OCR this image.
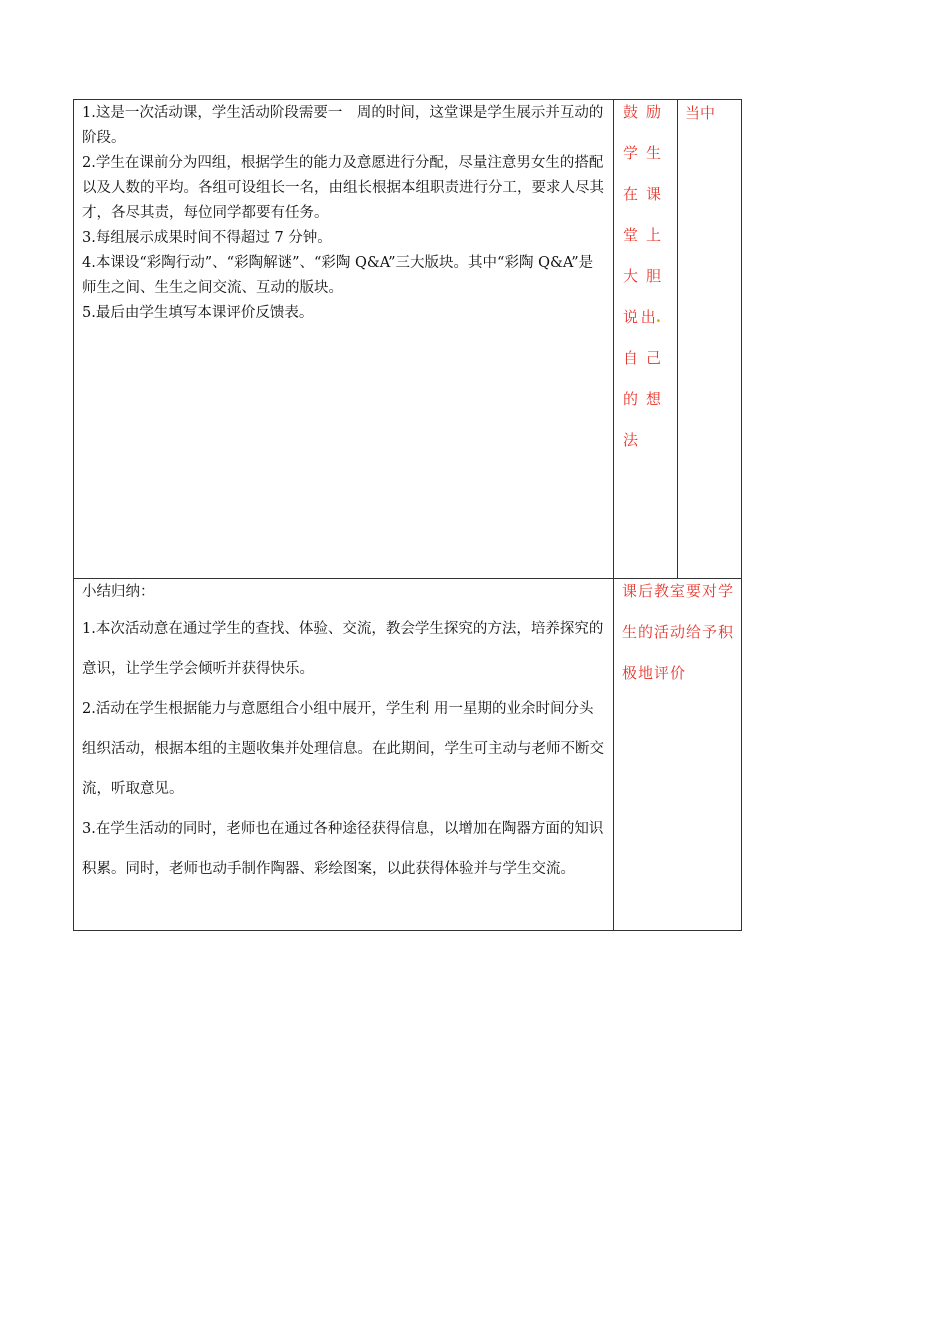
1.这是一次活动课，学生活动阶段需要一　周的时间，这堂课是学生展示并互动的阶段。

2.学生在课前分为四组，根据学生的能力及意愿进行分配，尽量注意男女生的搭配以及人数的平均。各组可设组长一名，由组长根据本组职责进行分工，要求人尽其才，各尽其责，每位同学都要有任务。

3.每组展示成果时间不得超过 7 分钟。

4.本课设“彩陶行动”、“彩陶解谜”、“彩陶 Q&A”三大版块。其中“彩陶 Q&A”是师生之间、生生之间交流、互动的版块。

5.最后由学生填写本课评价反馈表。

鼓 励
学 生
在 课
堂 上
大 胆
说 出.
自 己
的 想
法
当中
小结归纳：

1.本次活动意在通过学生的查找、体验、交流，教会学生探究的方法，培养探究的意识，让学生学会倾听并获得快乐。

2.活动在学生根据能力与意愿组合小组中展开，学生利 用一星期的业余时间分头组织活动，根据本组的主题收集并处理信息。在此期间，学生可主动与老师不断交流，听取意见。

3.在学生活动的同时，老师也在通过各种途径获得信息，以增加在陶器方面的知识积累。同时，老师也动手制作陶器、彩绘图案，以此获得体验并与学生交流。

课后教室要对学生的活动给予积极地评价
